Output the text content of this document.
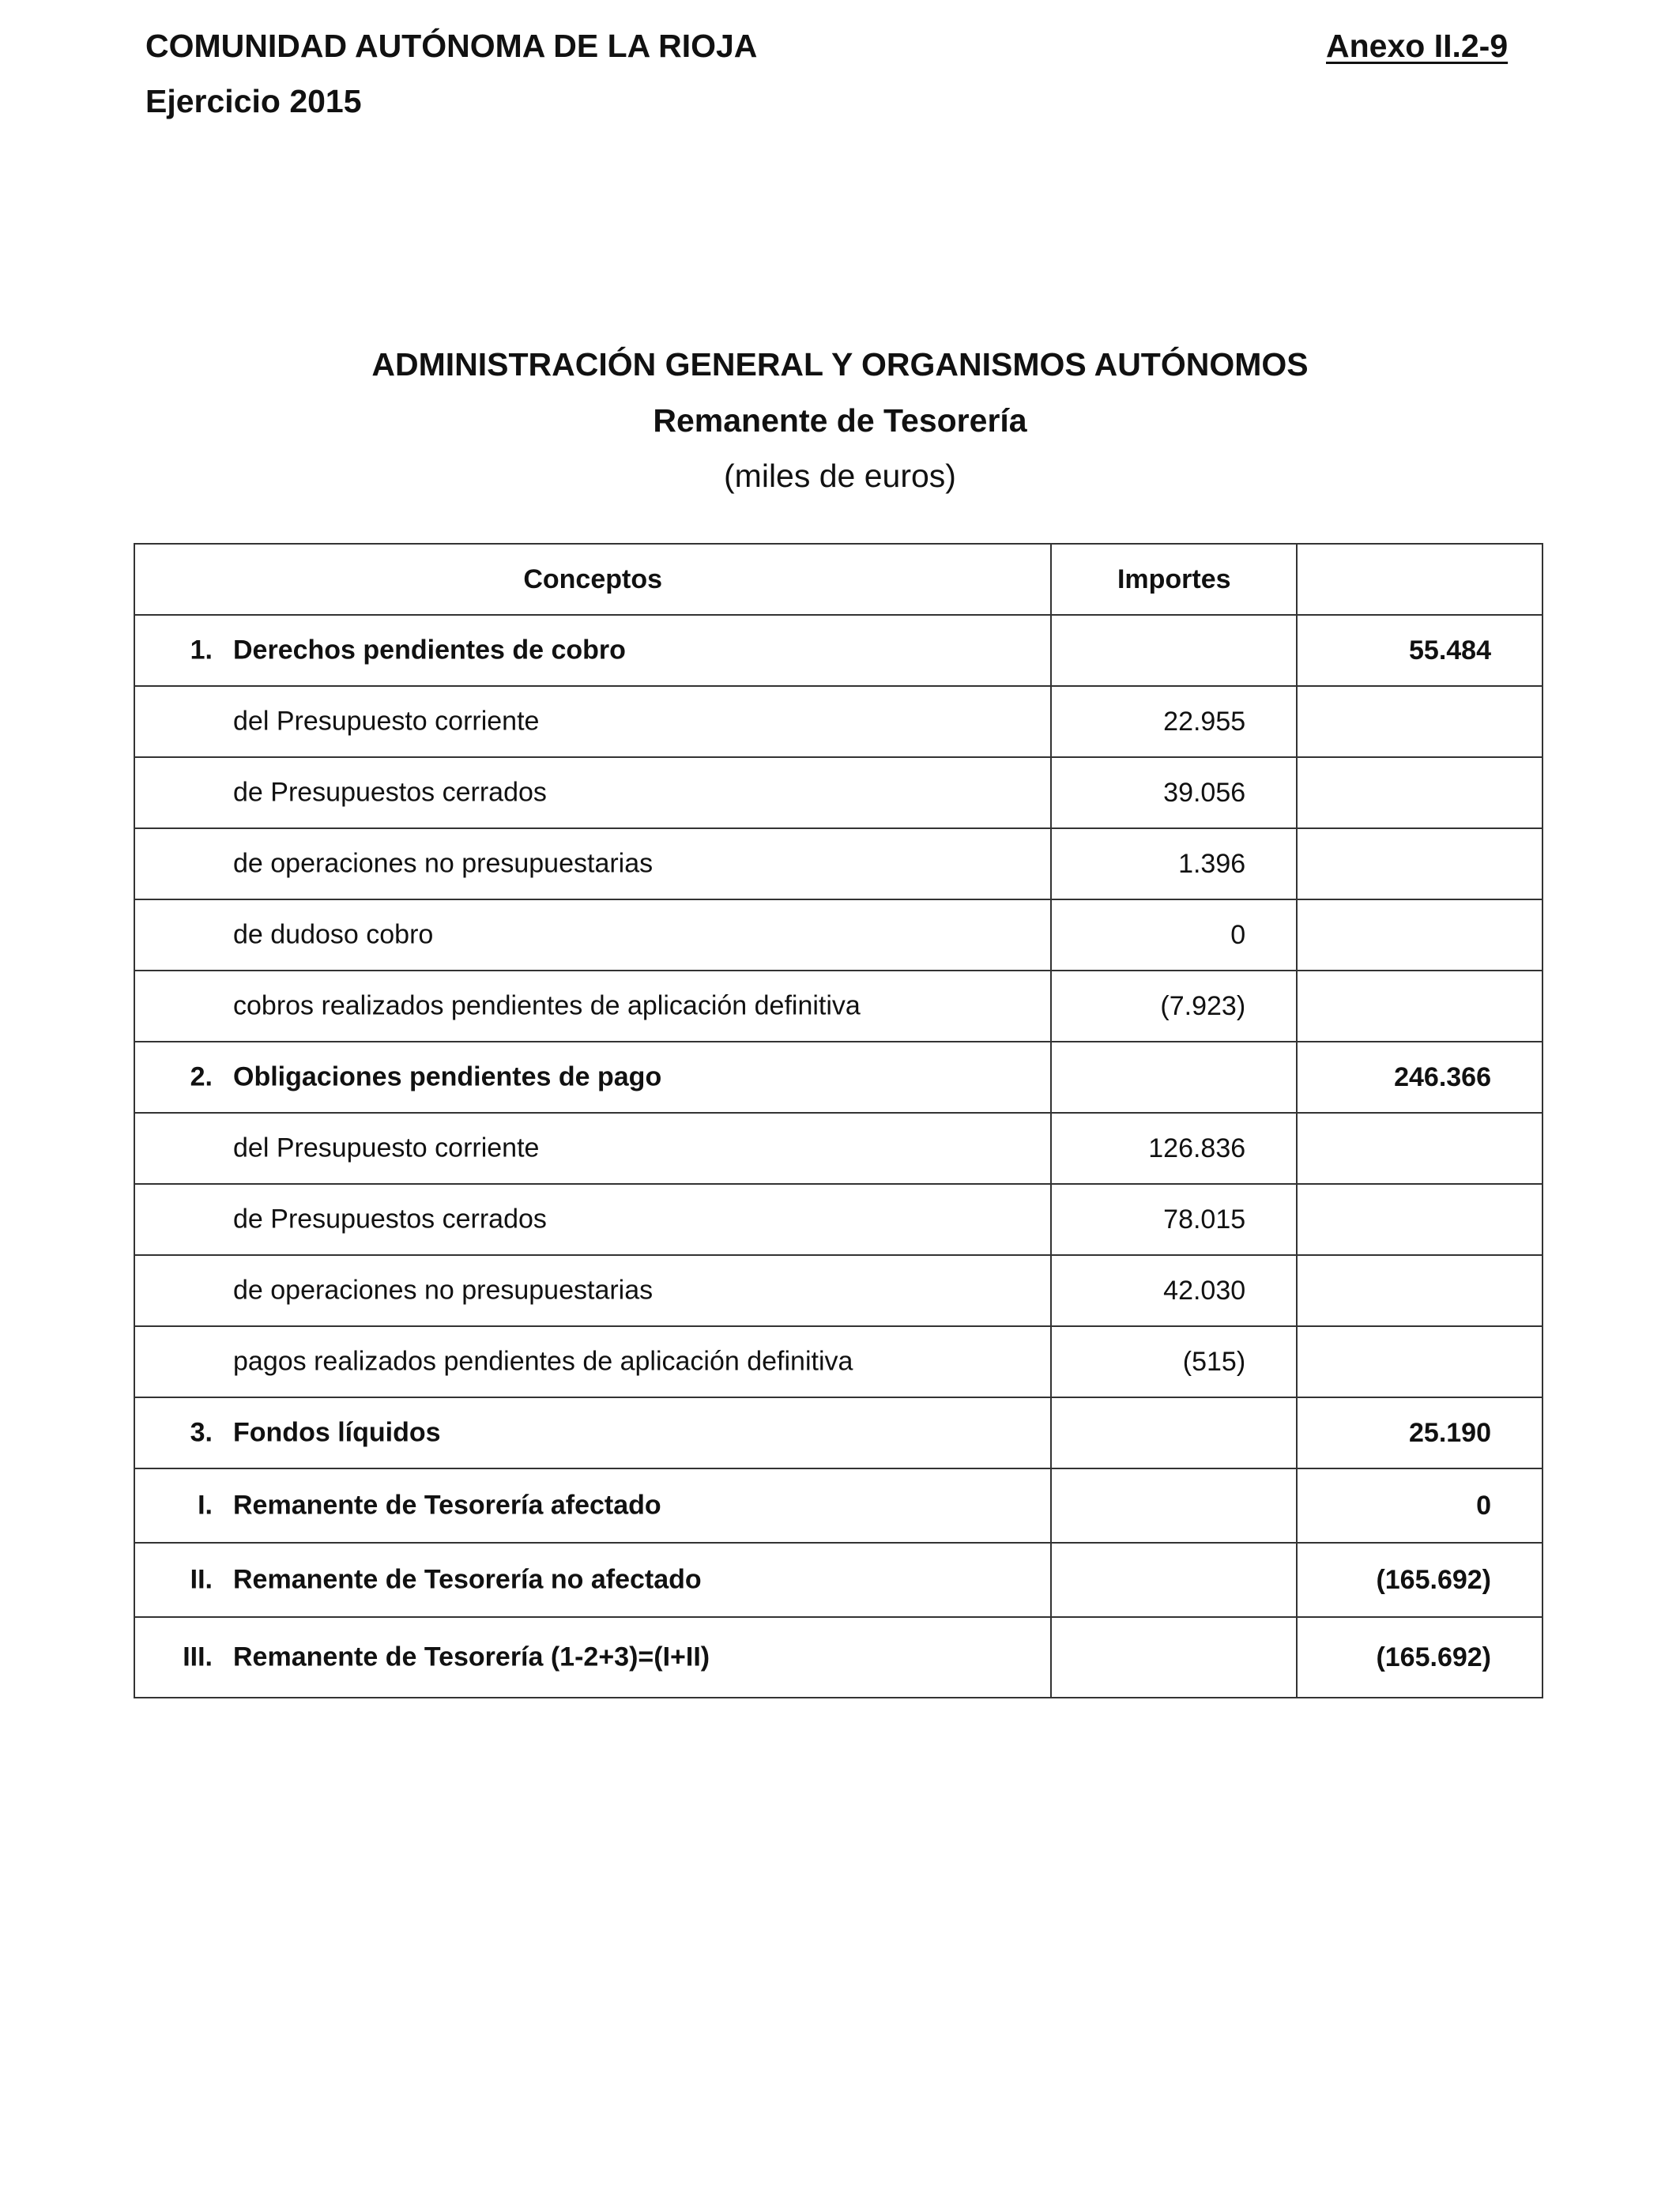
COMUNIDAD AUTÓNOMA DE LA RIOJA
Ejercicio 2015
Anexo II.2-9
ADMINISTRACIÓN GENERAL Y ORGANISMOS AUTÓNOMOS
Remanente de Tesorería
(miles de euros)
Conceptos	Importes	

1. Derechos pendientes de cobro		55.484

del Presupuesto corriente	22.955	

de Presupuestos cerrados	39.056	

de operaciones no presupuestarias	1.396	

de dudoso cobro	0	

cobros realizados pendientes de aplicación definitiva	(7.923)	

2. Obligaciones pendientes de pago		246.366

del Presupuesto corriente	126.836	

de Presupuestos cerrados	78.015	

de operaciones no presupuestarias	42.030	

pagos realizados pendientes de aplicación definitiva	(515)	

3. Fondos líquidos		25.190

I. Remanente de Tesorería afectado		0

II. Remanente de Tesorería no afectado		(165.692)

III. Remanente de Tesorería (1-2+3)=(I+II)		(165.692)
